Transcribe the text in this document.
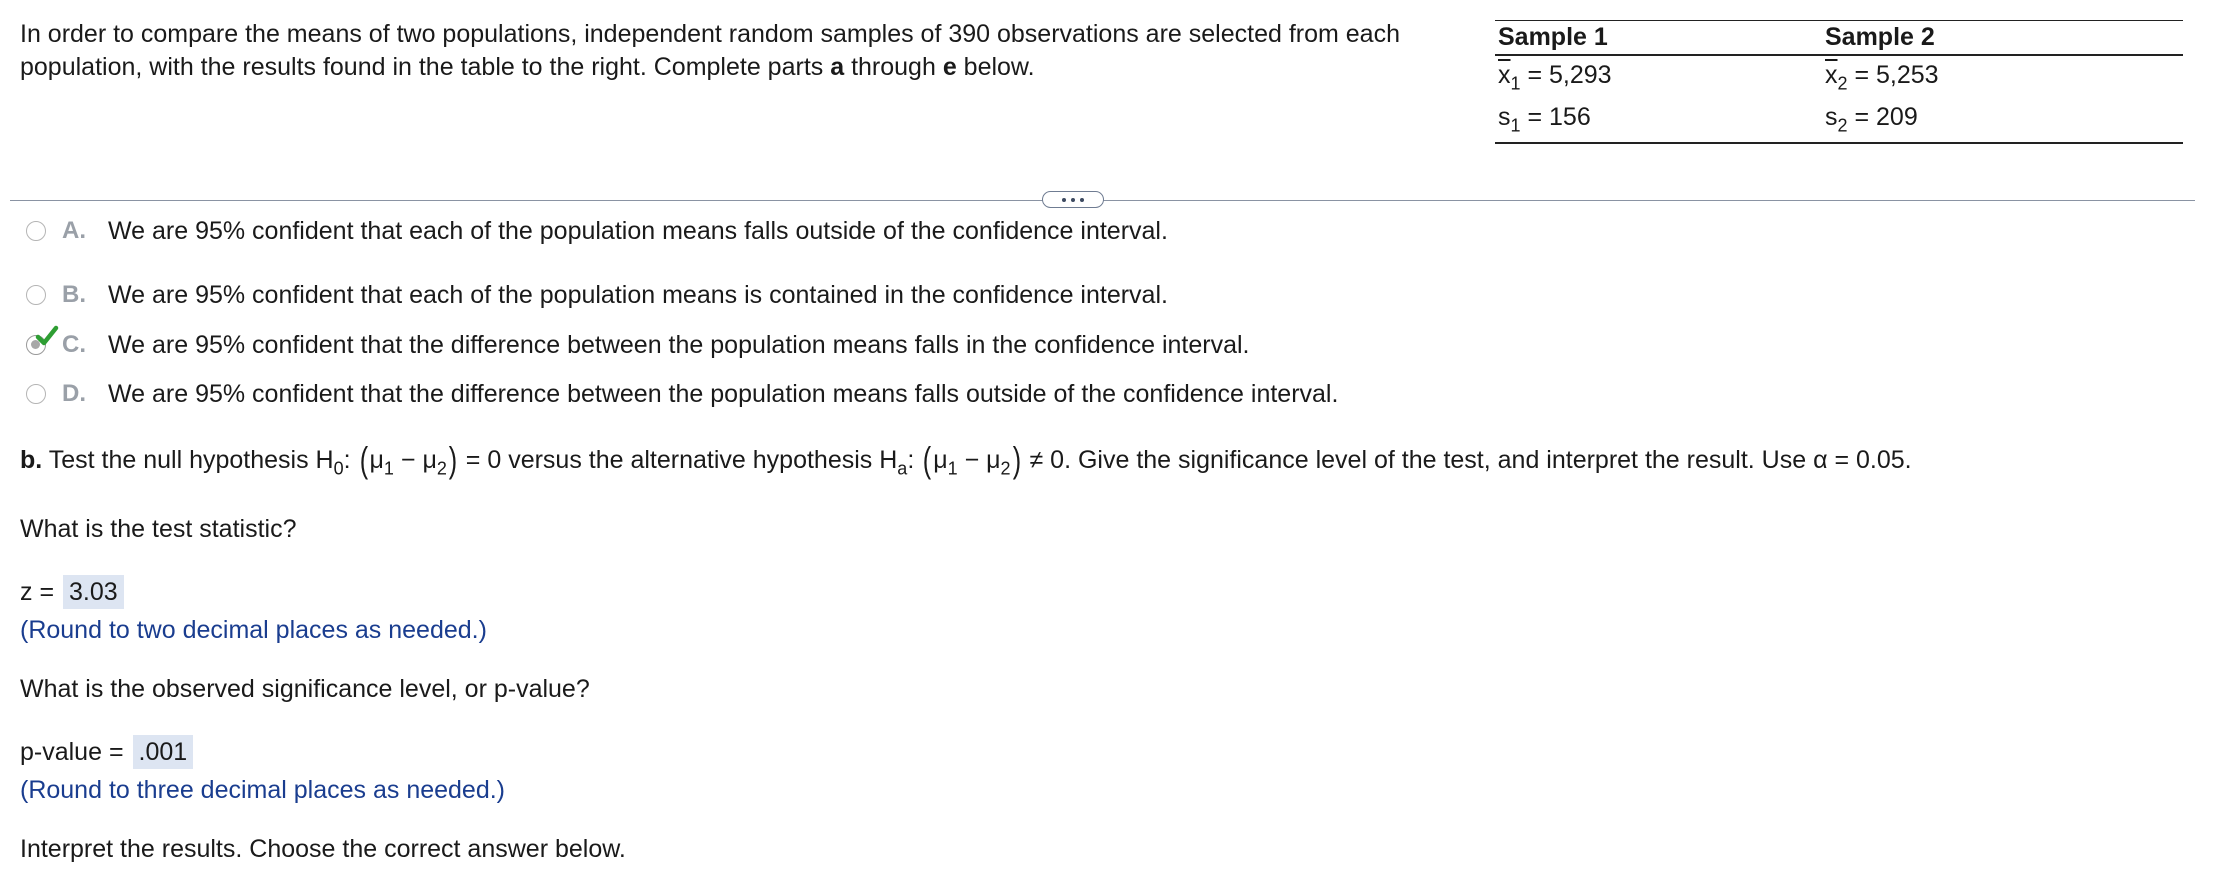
In order to compare the means of two populations, independent random samples of 390 observations are selected from each
population, with the results found in the table to the right. Complete parts a through e below.
Sample 1	Sample 2
$\overline{x}_1 = 5,293$	$\overline{x}_2 = 5,253$
$s_1 = 156$	$s_2 = 209$
A. We are 95% confident that each of the population means falls outside of the confidence interval.
B. We are 95% confident that each of the population means is contained in the confidence interval.
C. We are 95% confident that the difference between the population means falls in the confidence interval.
D. We are 95% confident that the difference between the population means falls outside of the confidence interval.
b. Test the null hypothesis $H_0$: $(\mu_1 - \mu_2) = 0$ versus the alternative hypothesis $H_a$: $(\mu_1 - \mu_2) \ne 0$. Give the significance level of the test, and interpret the result. Use α = 0.05.
What is the test statistic?
z = 3.03
(Round to two decimal places as needed.)
What is the observed significance level, or p-value?
p-value = .001
(Round to three decimal places as needed.)
Interpret the results. Choose the correct answer below.
